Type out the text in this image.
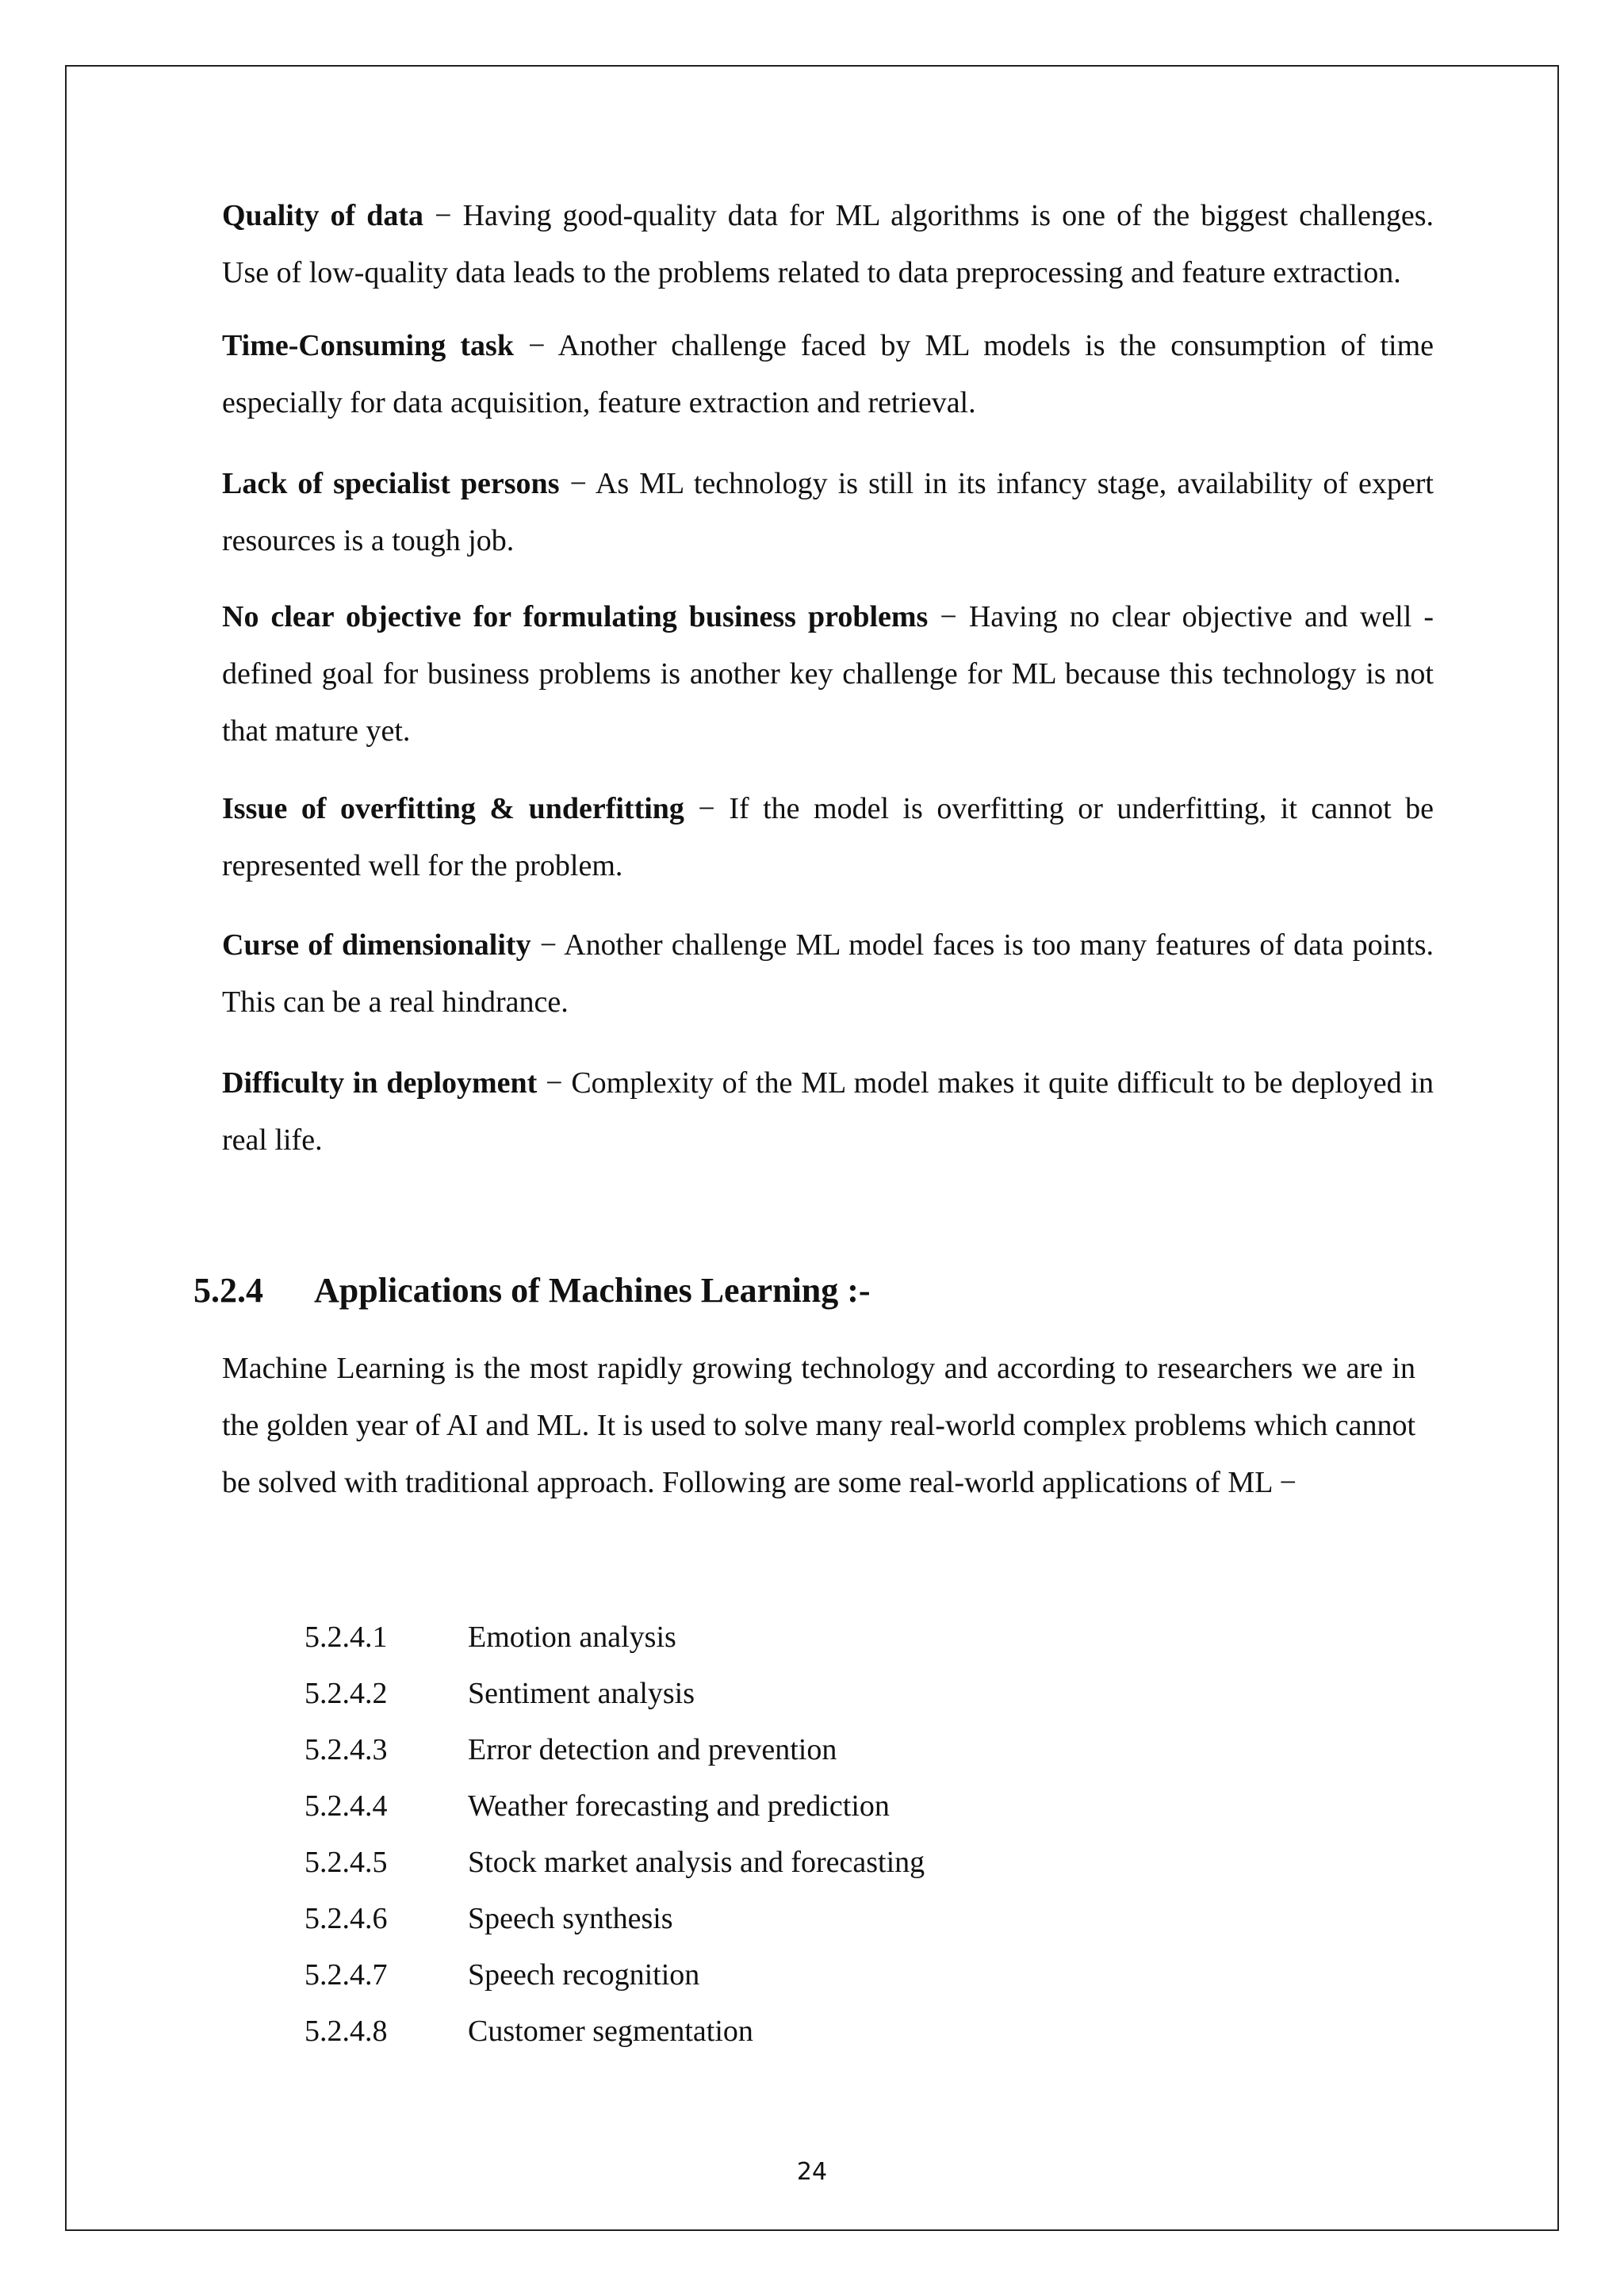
Quality of data − Having good-quality data for ML algorithms is one of the biggest challenges. Use of low-quality data leads to the problems related to data preprocessing and feature extraction.

Time-Consuming task − Another challenge faced by ML models is the consumption of time especially for data acquisition, feature extraction and retrieval.

Lack of specialist persons − As ML technology is still in its infancy stage, availability of expert resources is a tough job.

No clear objective for formulating business problems − Having no clear objective and well -defined goal for business problems is another key challenge for ML because this technology is not that mature yet.

Issue of overfitting & underfitting − If the model is overfitting or underfitting, it cannot be represented well for the problem.

Curse of dimensionality − Another challenge ML model faces is too many features of data points. This can be a real hindrance.

Difficulty in deployment − Complexity of the ML model makes it quite difficult to be deployed in real life.

5.2.4 Applications of Machines Learning :-

Machine Learning is the most rapidly growing technology and according to researchers we are in the golden year of AI and ML. It is used to solve many real-world complex problems which cannot be solved with traditional approach. Following are some real-world applications of ML −

5.2.4.1	Emotion analysis
5.2.4.2	Sentiment analysis
5.2.4.3	Error detection and prevention
5.2.4.4	Weather forecasting and prediction
5.2.4.5	Stock market analysis and forecasting
5.2.4.6	Speech synthesis
5.2.4.7	Speech recognition
5.2.4.8	Customer segmentation
24
